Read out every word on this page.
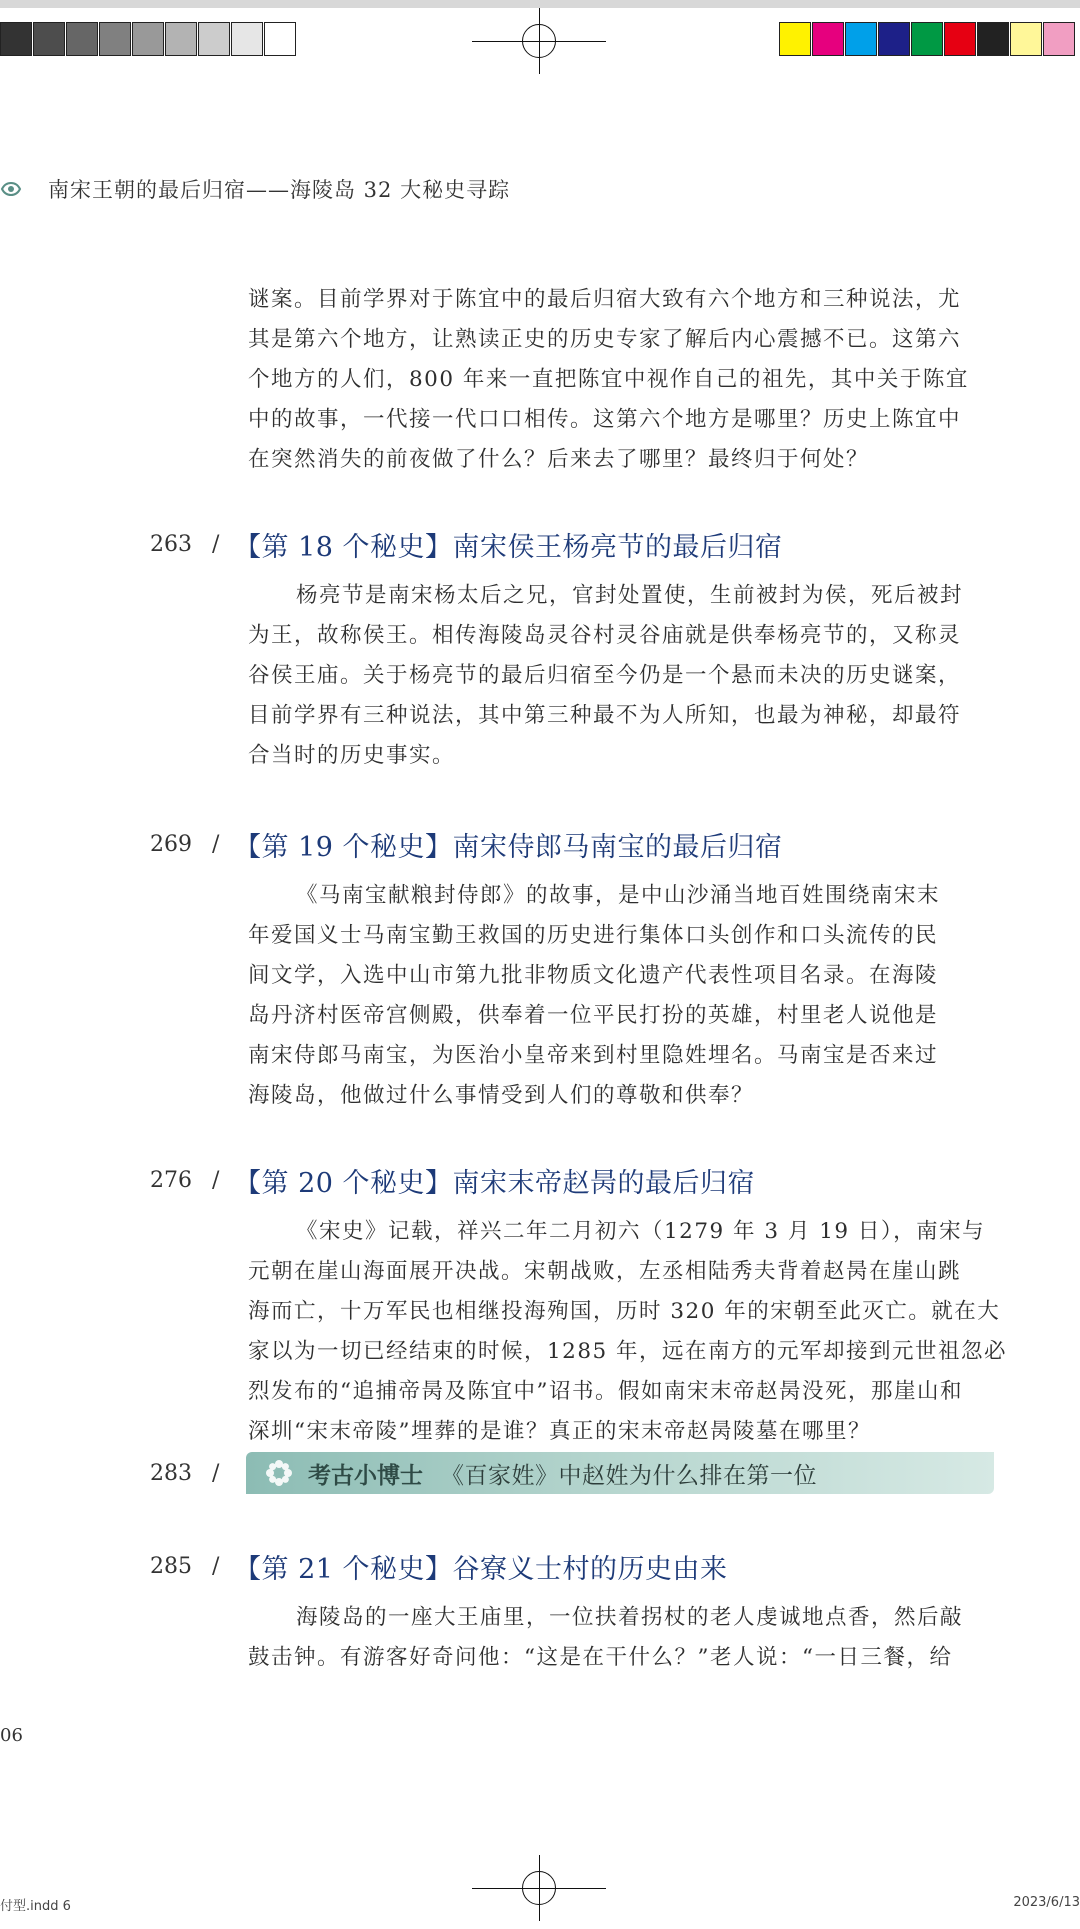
南宋王朝的最后归宿——海陵岛 32 大秘史寻踪
谜案。目前学界对于陈宜中的最后归宿大致有六个地方和三种说法，尤
其是第六个地方，让熟读正史的历史专家了解后内心震撼不已。这第六
个地方的人们，800 年来一直把陈宜中视作自己的祖先，其中关于陈宜
中的故事，一代接一代口口相传。这第六个地方是哪里？历史上陈宜中
在突然消失的前夜做了什么？后来去了哪里？最终归于何处？
263 / 【第 18 个秘史】南宋侯王杨亮节的最后归宿
杨亮节是南宋杨太后之兄，官封处置使，生前被封为侯，死后被封
为王，故称侯王。相传海陵岛灵谷村灵谷庙就是供奉杨亮节的，又称灵
谷侯王庙。关于杨亮节的最后归宿至今仍是一个悬而未决的历史谜案，
目前学界有三种说法，其中第三种最不为人所知，也最为神秘，却最符
合当时的历史事实。
269 / 【第 19 个秘史】南宋侍郎马南宝的最后归宿
《马南宝献粮封侍郎》的故事，是中山沙涌当地百姓围绕南宋末
年爱国义士马南宝勤王救国的历史进行集体口头创作和口头流传的民
间文学，入选中山市第九批非物质文化遗产代表性项目名录。在海陵
岛丹济村医帝宫侧殿，供奉着一位平民打扮的英雄，村里老人说他是
南宋侍郎马南宝，为医治小皇帝来到村里隐姓埋名。马南宝是否来过
海陵岛，他做过什么事情受到人们的尊敬和供奉？
276 / 【第 20 个秘史】南宋末帝赵昺的最后归宿
《宋史》记载，祥兴二年二月初六（1279 年 3 月 19 日），南宋与
元朝在崖山海面展开决战。宋朝战败，左丞相陆秀夫背着赵昺在崖山跳
海而亡，十万军民也相继投海殉国，历时 320 年的宋朝至此灭亡。就在大
家以为一切已经结束的时候，1285 年，远在南方的元军却接到元世祖忽必
烈发布的“追捕帝昺及陈宜中”诏书。假如南宋末帝赵昺没死，那崖山和
深圳“宋末帝陵”埋葬的是谁？真正的宋末帝赵昺陵墓在哪里？
283 /	考古小博士 《百家姓》中赵姓为什么排在第一位
285 / 【第 21 个秘史】谷寮义士村的历史由来
海陵岛的一座大王庙里，一位扶着拐杖的老人虔诚地点香，然后敲
鼓击钟。有游客好奇问他：“这是在干什么？”老人说：“一日三餐，给
06
付型.indd 6	2023/6/13
